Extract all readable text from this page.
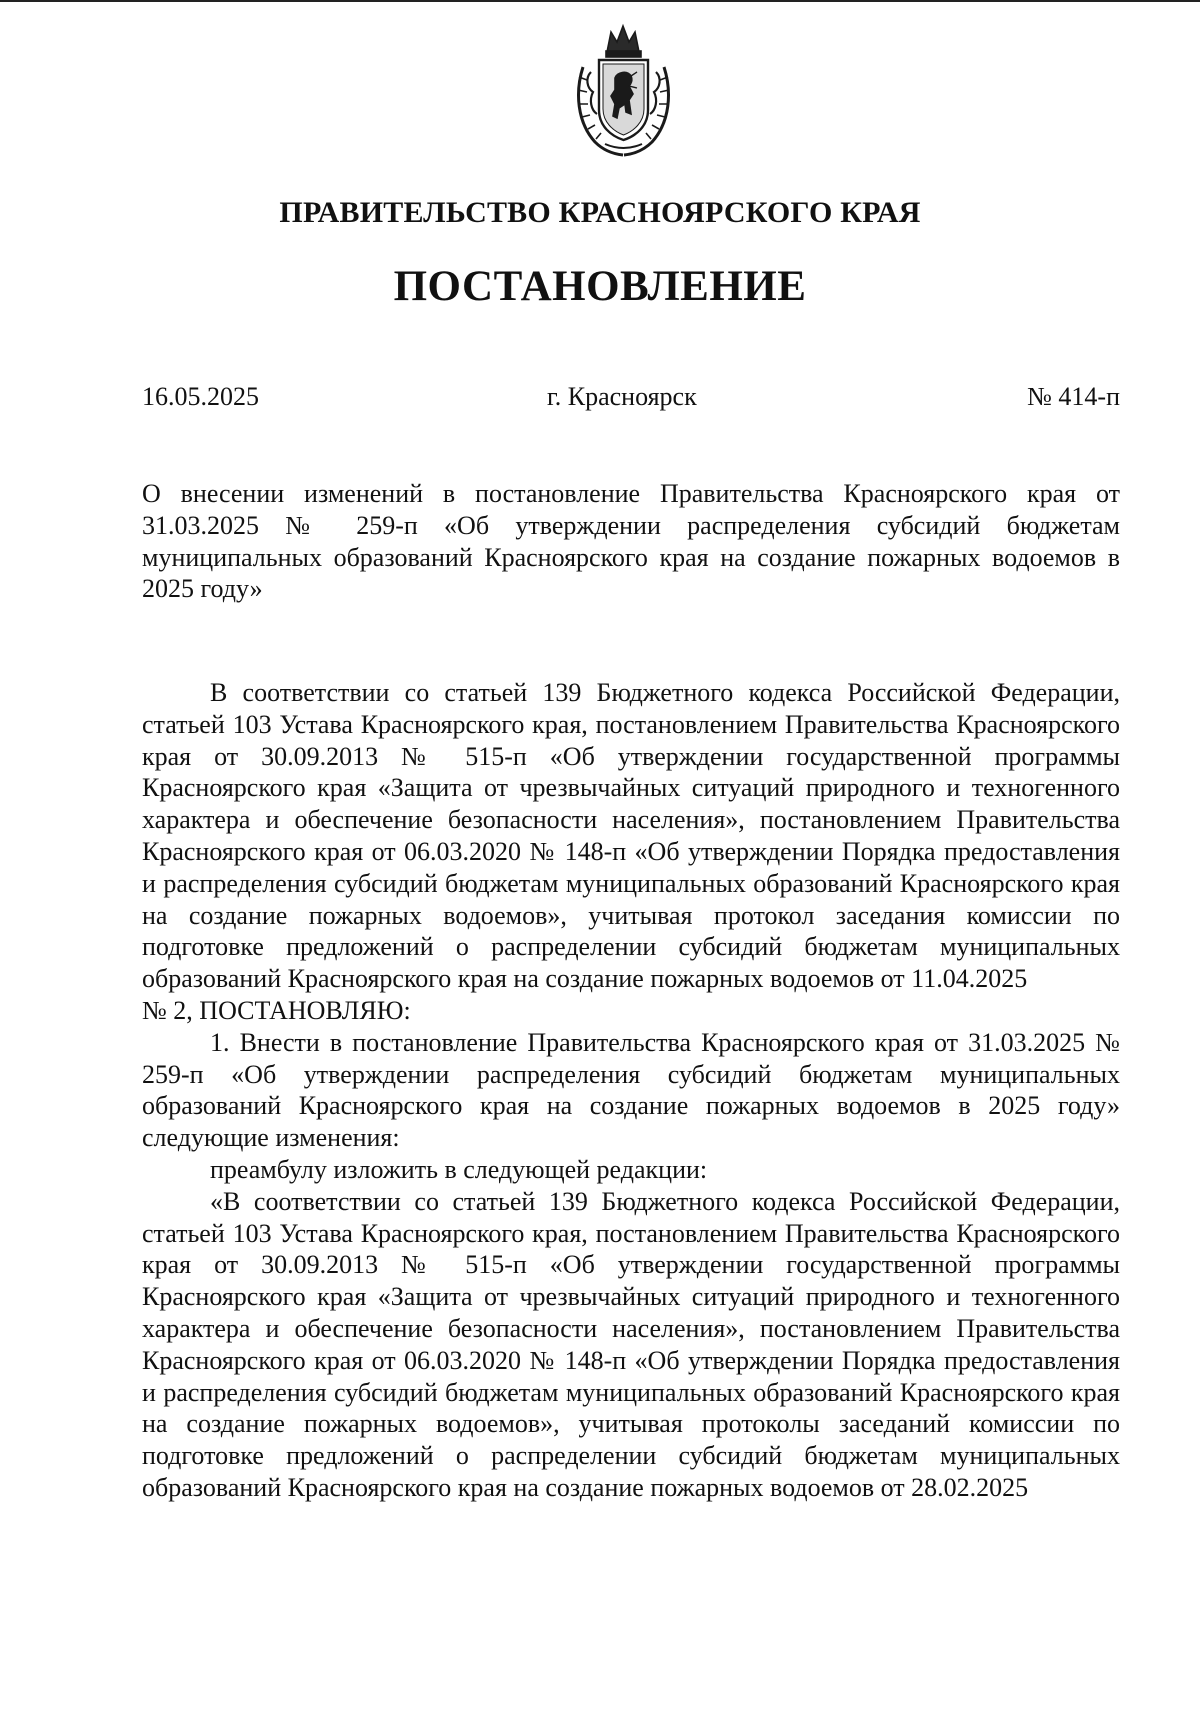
ПРАВИТЕЛЬСТВО КРАСНОЯРСКОГО КРАЯ
ПОСТАНОВЛЕНИЕ
16.05.2025	г. Красноярск	№ 414-п
О внесении изменений в постановление Правительства Красноярского края от 31.03.2025 № 259-п «Об утверждении распределения субсидий бюджетам муниципальных образований Красноярского края на создание пожарных водоемов в 2025 году»

В соответствии со статьей 139 Бюджетного кодекса Российской Федерации, статьей 103 Устава Красноярского края, постановлением Правительства Красноярского края от 30.09.2013 № 515-п «Об утверждении государственной программы Красноярского края «Защита от чрезвычайных ситуаций природного и техногенного характера и обеспечение безопасности населения», постановлением Правительства Красноярского края от 06.03.2020 № 148-п «Об утверждении Порядка предоставления и распределения субсидий бюджетам муниципальных образований Красноярского края на создание пожарных водоемов», учитывая протокол заседания комиссии по подготовке предложений о распределении субсидий бюджетам муниципальных образований Красноярского края на создание пожарных водоемов от 11.04.2025

№ 2, ПОСТАНОВЛЯЮ:

1. Внести в постановление Правительства Красноярского края от 31.03.2025 № 259-п «Об утверждении распределения субсидий бюджетам муниципальных образований Красноярского края на создание пожарных водоемов в 2025 году» следующие изменения:

преамбулу изложить в следующей редакции:

«В соответствии со статьей 139 Бюджетного кодекса Российской Федерации, статьей 103 Устава Красноярского края, постановлением Правительства Красноярского края от 30.09.2013 № 515-п «Об утверждении государственной программы Красноярского края «Защита от чрезвычайных ситуаций природного и техногенного характера и обеспечение безопасности населения», постановлением Правительства Красноярского края от 06.03.2020 № 148-п «Об утверждении Порядка предоставления и распределения субсидий бюджетам муниципальных образований Красноярского края на создание пожарных водоемов», учитывая протоколы заседаний комиссии по подготовке предложений о распределении субсидий бюджетам муниципальных образований Красноярского края на создание пожарных водоемов от 28.02.2025
